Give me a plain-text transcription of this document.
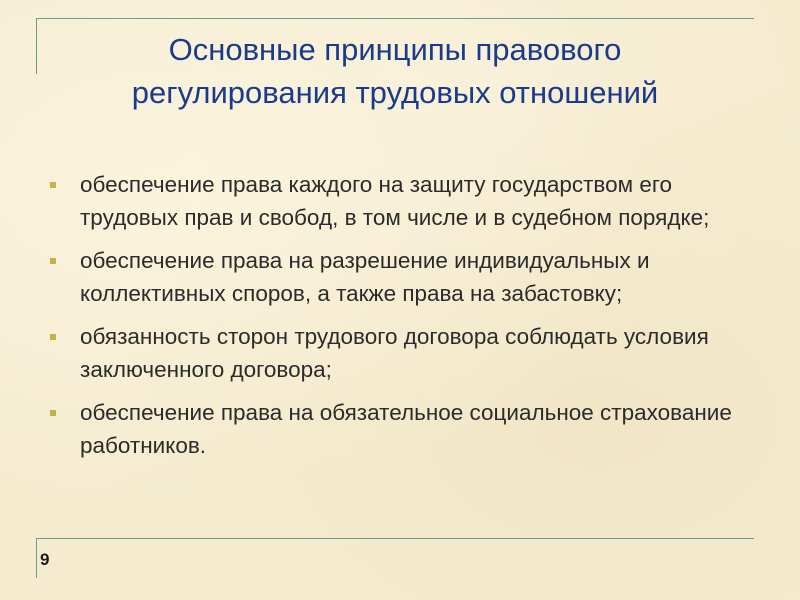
Основные принципы правового
регулирования трудовых отношений
обеспечение права каждого на защиту государством его трудовых прав и свобод, в том числе и в судебном порядке;
обеспечение права на разрешение индивидуальных и коллективных споров, а также права на забастовку;
обязанность сторон трудового договора соблюдать условия заключенного договора;
обеспечение права на обязательное социальное страхование работников.
9
